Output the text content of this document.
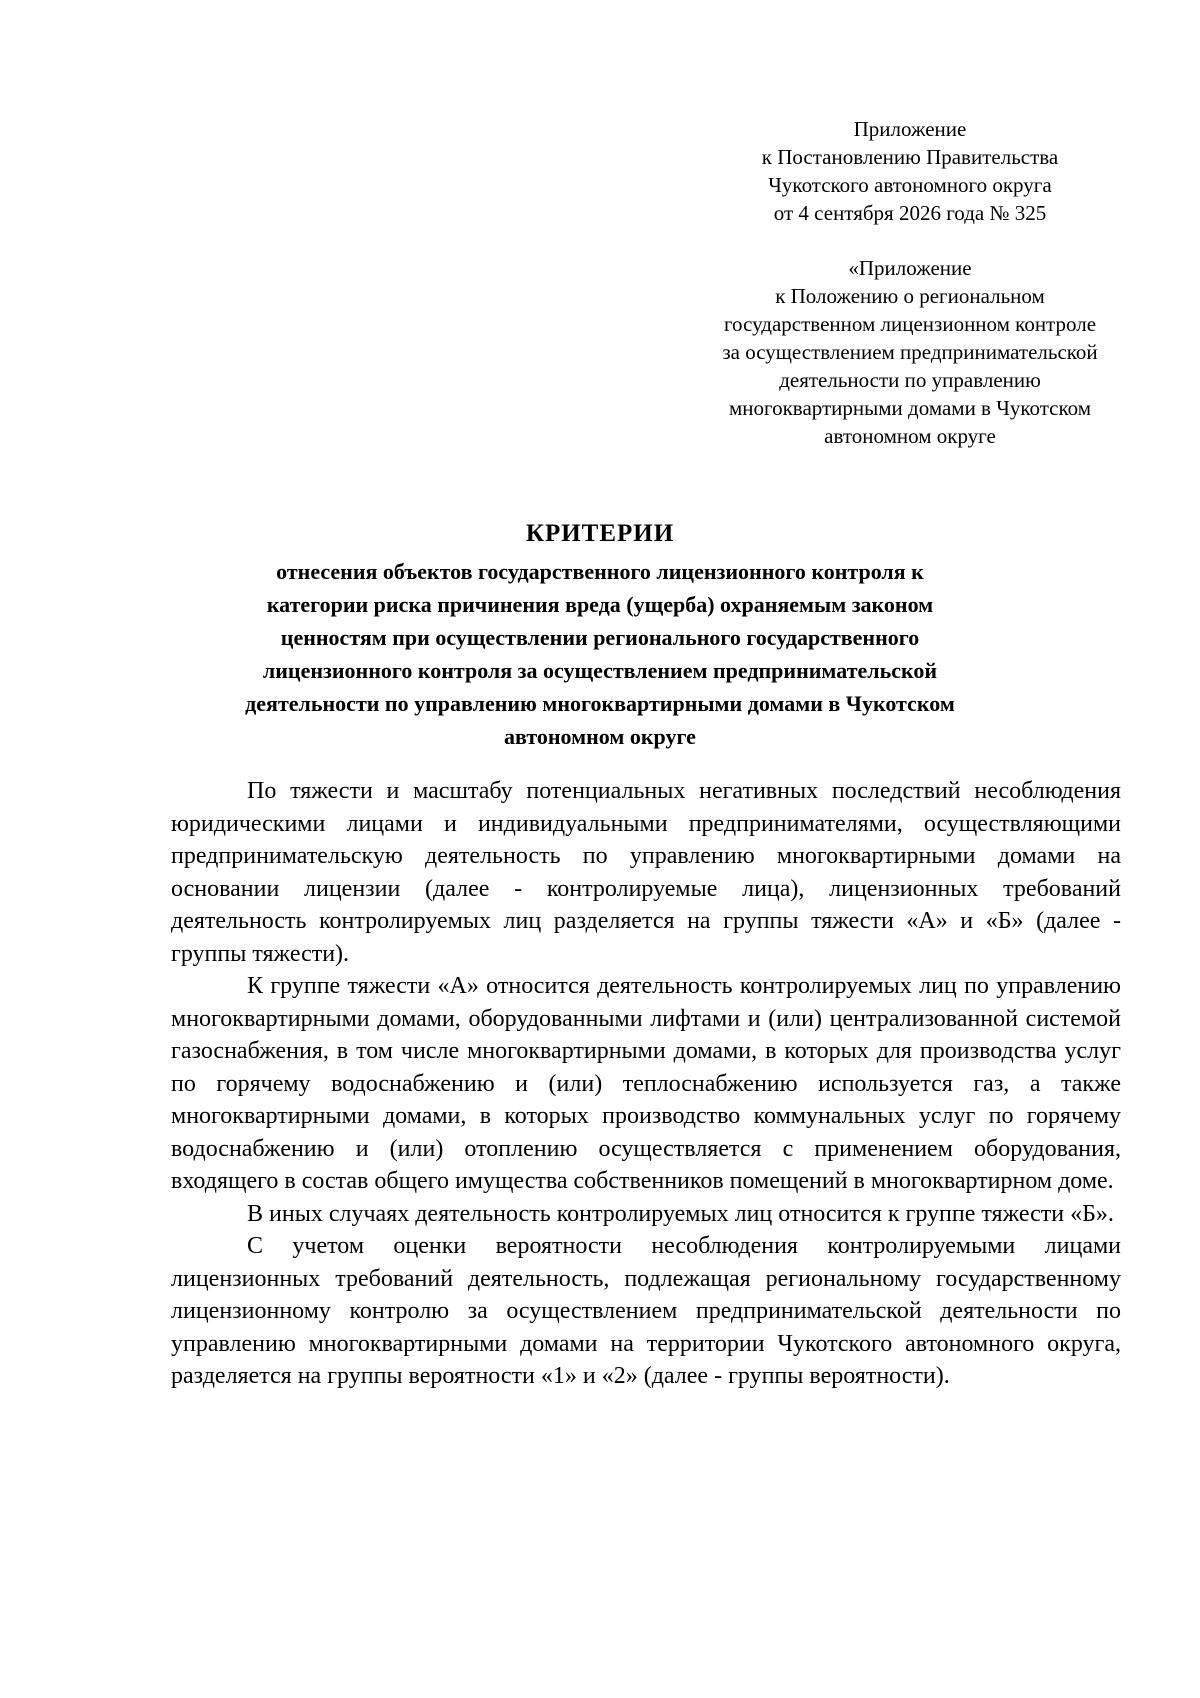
Приложение
к Постановлению Правительства
Чукотского автономного округа
от 4 сентября 2026 года № 325
«Приложение
к Положению о региональном
государственном лицензионном контроле
за осуществлением предпринимательской
деятельности по управлению
многоквартирными домами в Чукотском
автономном округе
КРИТЕРИИ
отнесения объектов государственного лицензионного контроля к
категории риска причинения вреда (ущерба) охраняемым законом
ценностям при осуществлении регионального государственного
лицензионного контроля за осуществлением предпринимательской
деятельности по управлению многоквартирными домами в Чукотском
автономном округе

По тяжести и масштабу потенциальных негативных последствий несоблюдения юридическими лицами и индивидуальными предпринимателями, осуществляющими предпринимательскую деятельность по управлению многоквартирными домами на основании лицензии (далее - контролируемые лица), лицензионных требований деятельность контролируемых лиц разделяется на группы тяжести «А» и «Б» (далее - группы тяжести).

К группе тяжести «А» относится деятельность контролируемых лиц по управлению многоквартирными домами, оборудованными лифтами и (или) централизованной системой газоснабжения, в том числе многоквартирными домами, в которых для производства услуг по горячему водоснабжению и (или) теплоснабжению используется газ, а также многоквартирными домами, в которых производство коммунальных услуг по горячему водоснабжению и (или) отоплению осуществляется с применением оборудования, входящего в состав общего имущества собственников помещений в многоквартирном доме.

В иных случаях деятельность контролируемых лиц относится к группе тяжести «Б».

С учетом оценки вероятности несоблюдения контролируемыми лицами лицензионных требований деятельность, подлежащая региональному государственному лицензионному контролю за осуществлением предпринимательской деятельности по управлению многоквартирными домами на территории Чукотского автономного округа, разделяется на группы вероятности «1» и «2» (далее - группы вероятности).
